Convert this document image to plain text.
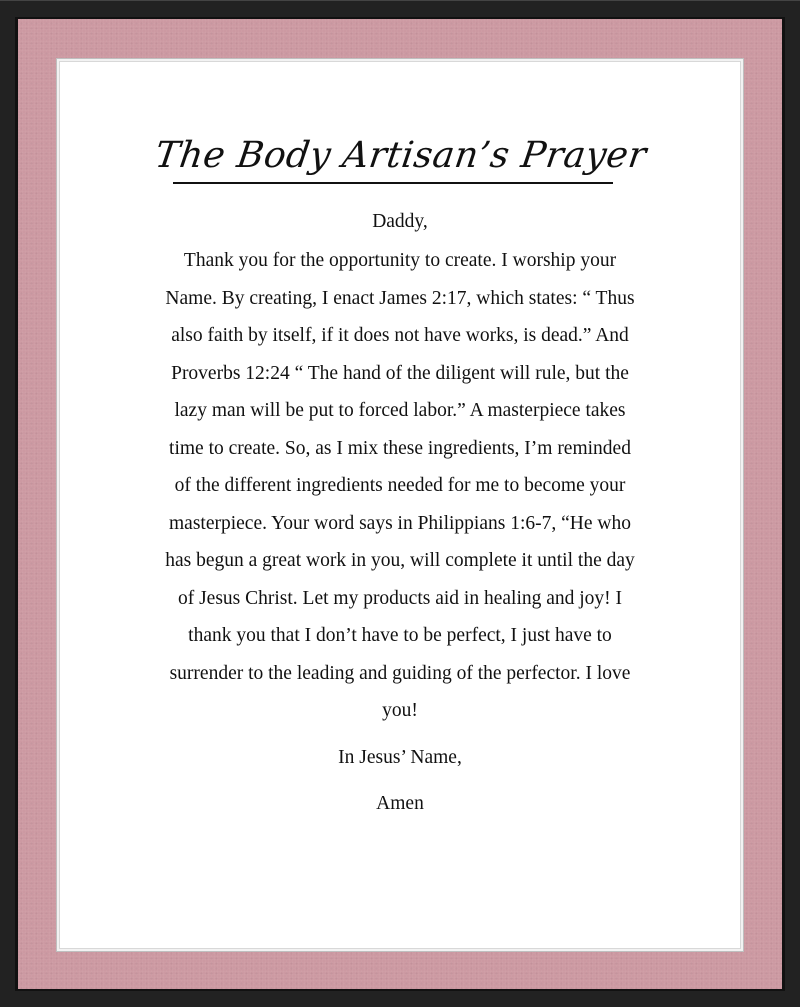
The Body Artisan’s Prayer

Daddy,

Thank you for the opportunity to create. I worship your

Name. By creating, I enact James 2:17, which states: “ Thus

also faith by itself, if it does not have works, is dead.” And

Proverbs 12:24 “ The hand of the diligent will rule, but the

lazy man will be put to forced labor.” A masterpiece takes

time to create. So, as I mix these ingredients, I’m reminded

of the different ingredients needed for me to become your

masterpiece. Your word says in Philippians 1:6-7, “He who

has begun a great work in you, will complete it until the day

of Jesus Christ. Let my products aid in healing and joy! I

thank you that I don’t have to be perfect, I just have to

surrender to the leading and guiding of the perfector. I love

you!

In Jesus’ Name,

Amen
